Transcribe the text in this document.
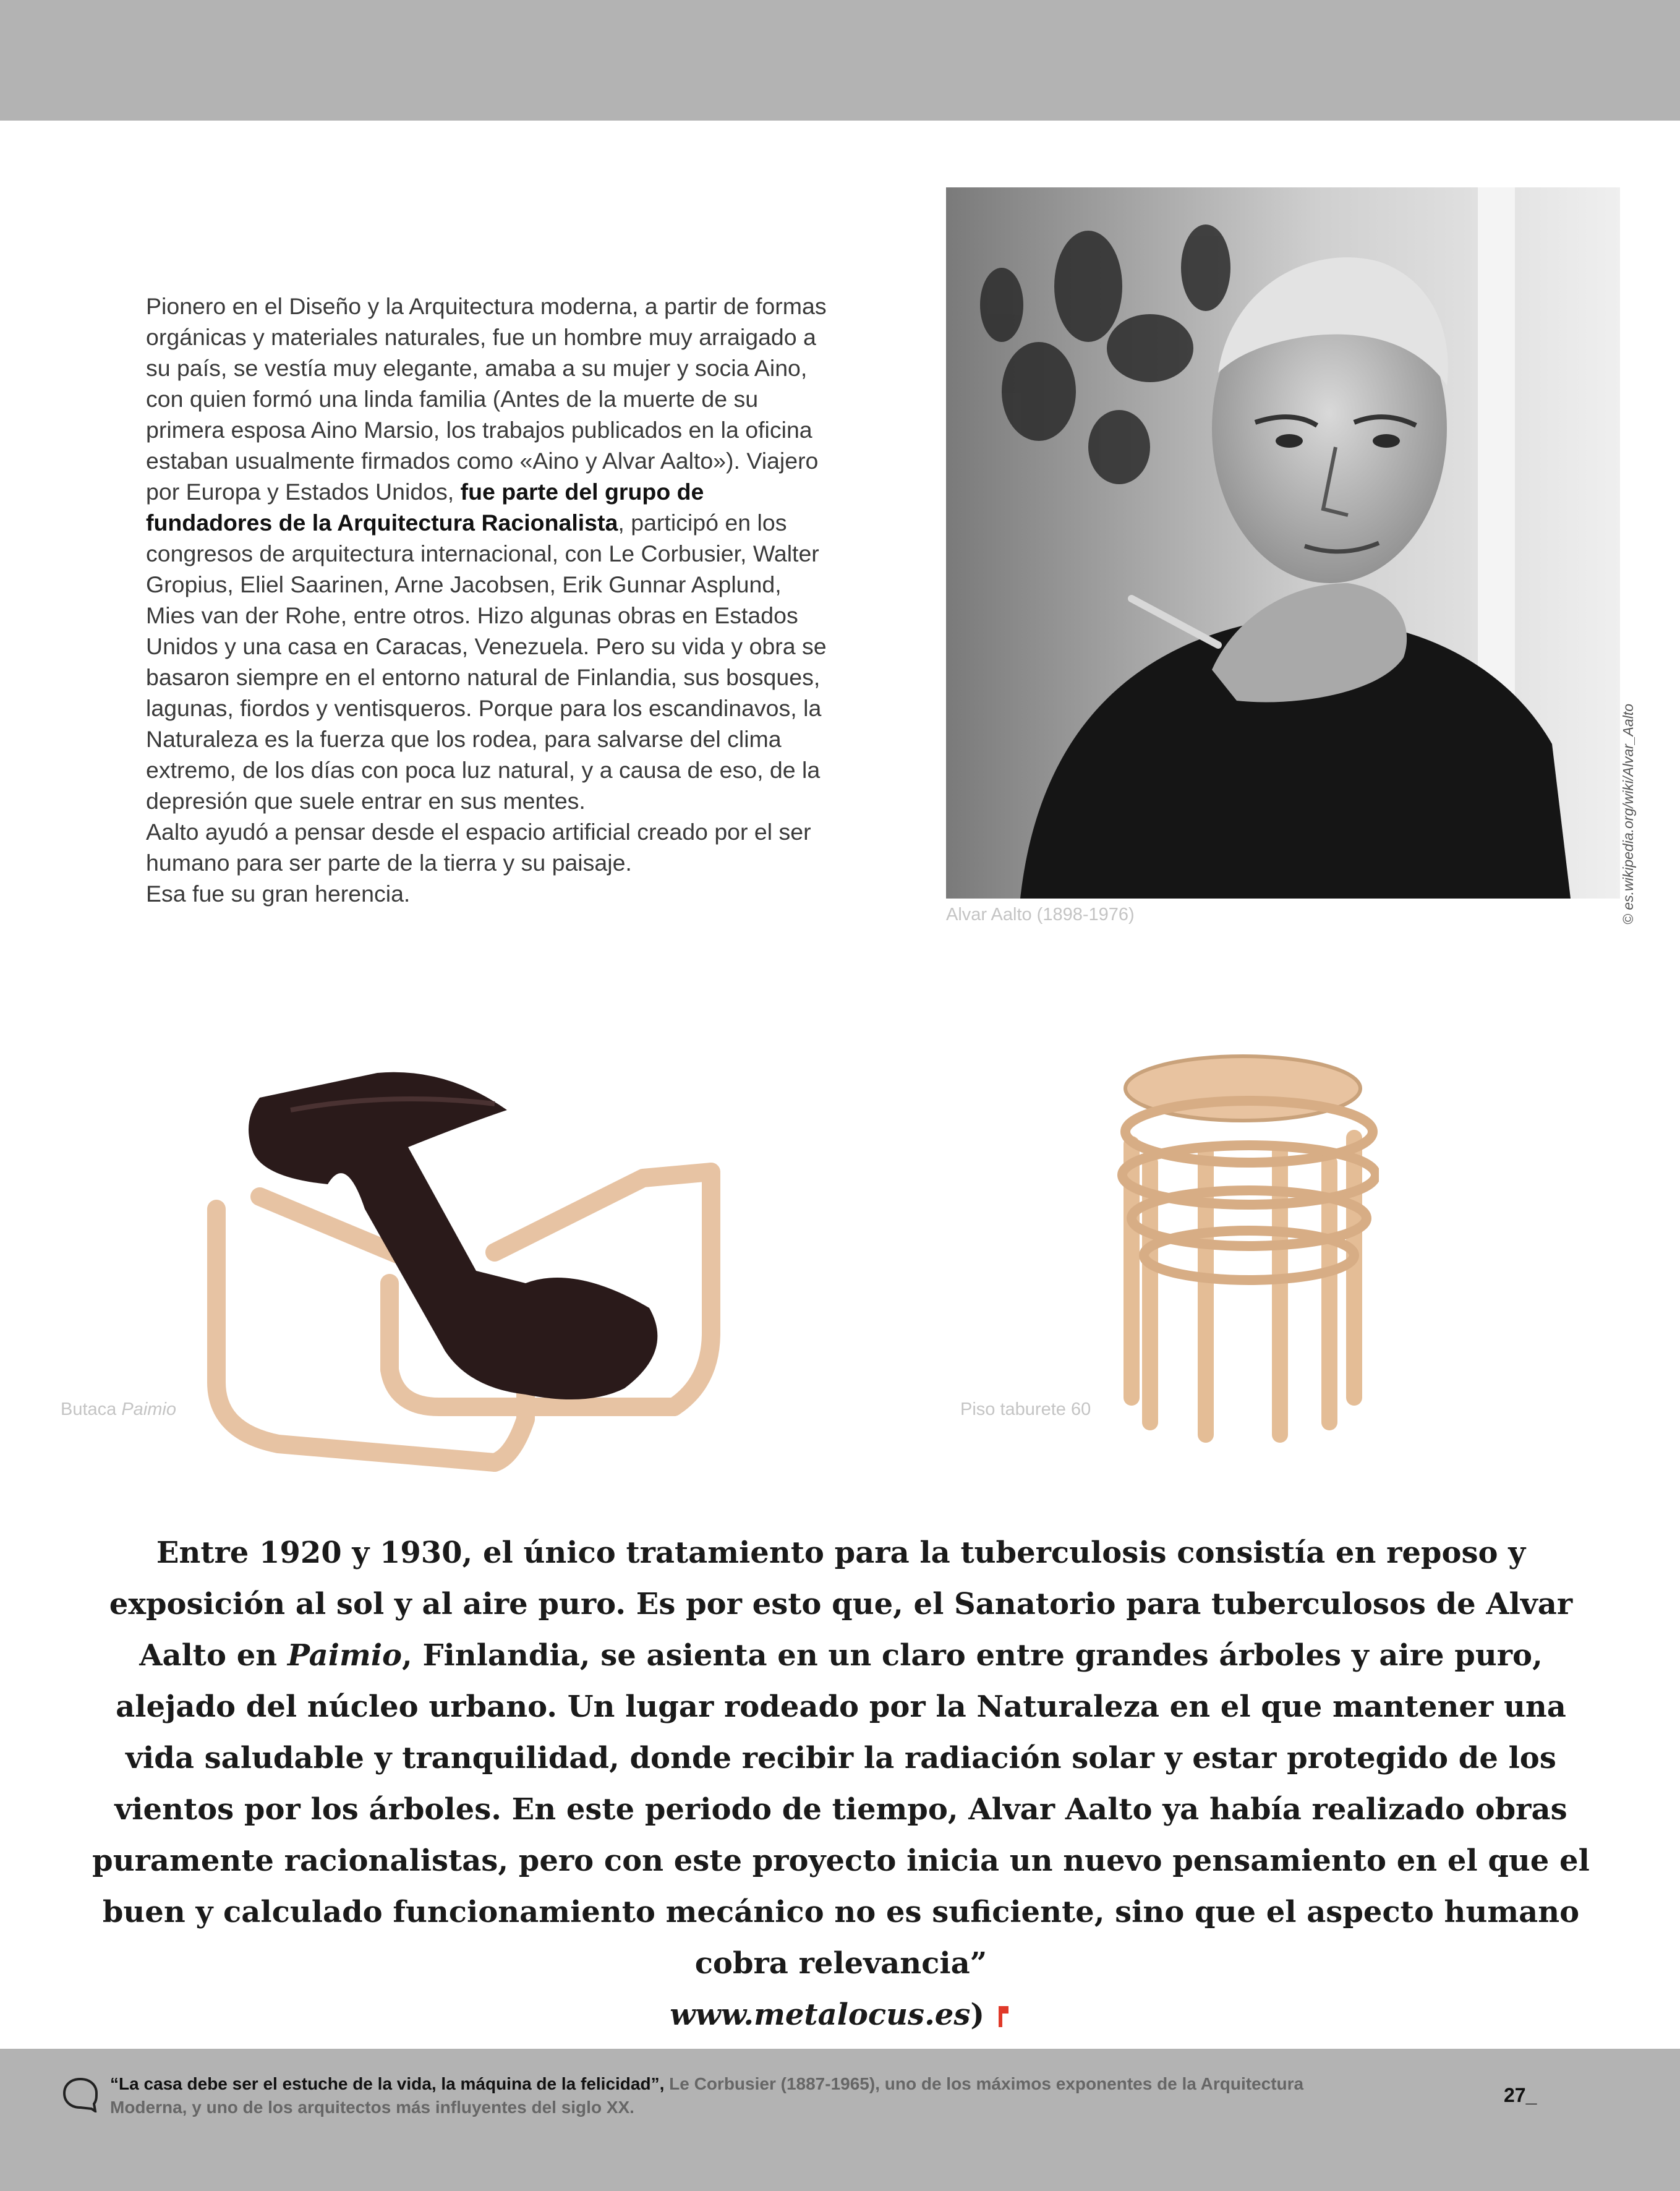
Pionero en el Diseño y la Arquitectura moderna, a partir de formas orgánicas y materiales naturales, fue un hombre muy arraigado a su país, se vestía muy elegante, amaba a su mujer y socia Aino, con quien formó una linda familia (Antes de la muerte de su primera esposa Aino Marsio, los trabajos publicados en la oficina estaban usualmente firmados como «Aino y Alvar Aalto»). Viajero por Europa y Estados Unidos, fue parte del grupo de fundadores de la Arquitectura Racionalista, participó en los congresos de arquitectura internacional, con Le Corbusier, Walter Gropius, Eliel Saarinen, Arne Jacobsen, Erik Gunnar Asplund, Mies van der Rohe, entre otros. Hizo algunas obras en Estados Unidos y una casa en Caracas, Venezuela. Pero su vida y obra se basaron siempre en el entorno natural de Finlandia, sus bosques, lagunas, fiordos y ventisqueros. Porque para los escandinavos, la Naturaleza es la fuerza que los rodea, para salvarse del clima extremo, de los días con poca luz natural, y a causa de eso, de la depresión que suele entrar en sus mentes.

Aalto ayudó a pensar desde el espacio artificial creado por el ser humano para ser parte de la tierra y su paisaje.

Esa fue su gran herencia.

Alvar Aalto (1898-1976)	© es.wikipedia.org/wiki/Alvar_Aalto
Butaca Paimio	Piso taburete 60
Entre 1920 y 1930, el único tratamiento para la tuberculosis consistía en reposo y exposición al sol y al aire puro. Es por esto que, el Sanatorio para tuberculosos de Alvar Aalto en Paimio, Finlandia, se asienta en un claro entre grandes árboles y aire puro, alejado del núcleo urbano. Un lugar rodeado por la Naturaleza en el que mantener una vida saludable y tranquilidad, donde recibir la radiación solar y estar protegido de los vientos por los árboles. En este periodo de tiempo, Alvar Aalto ya había realizado obras puramente racionalistas, pero con este proyecto inicia un nuevo pensamiento en el que el buen y calculado funcionamiento mecánico no es suficiente, sino que el aspecto humano cobra relevancia”
www.metalocus.es)
“La casa debe ser el estuche de la vida, la máquina de la felicidad”, Le Corbusier (1887-1965), uno de los máximos exponentes de la Arquitectura Moderna, y uno de los arquitectos más influyentes del siglo XX.
27_
